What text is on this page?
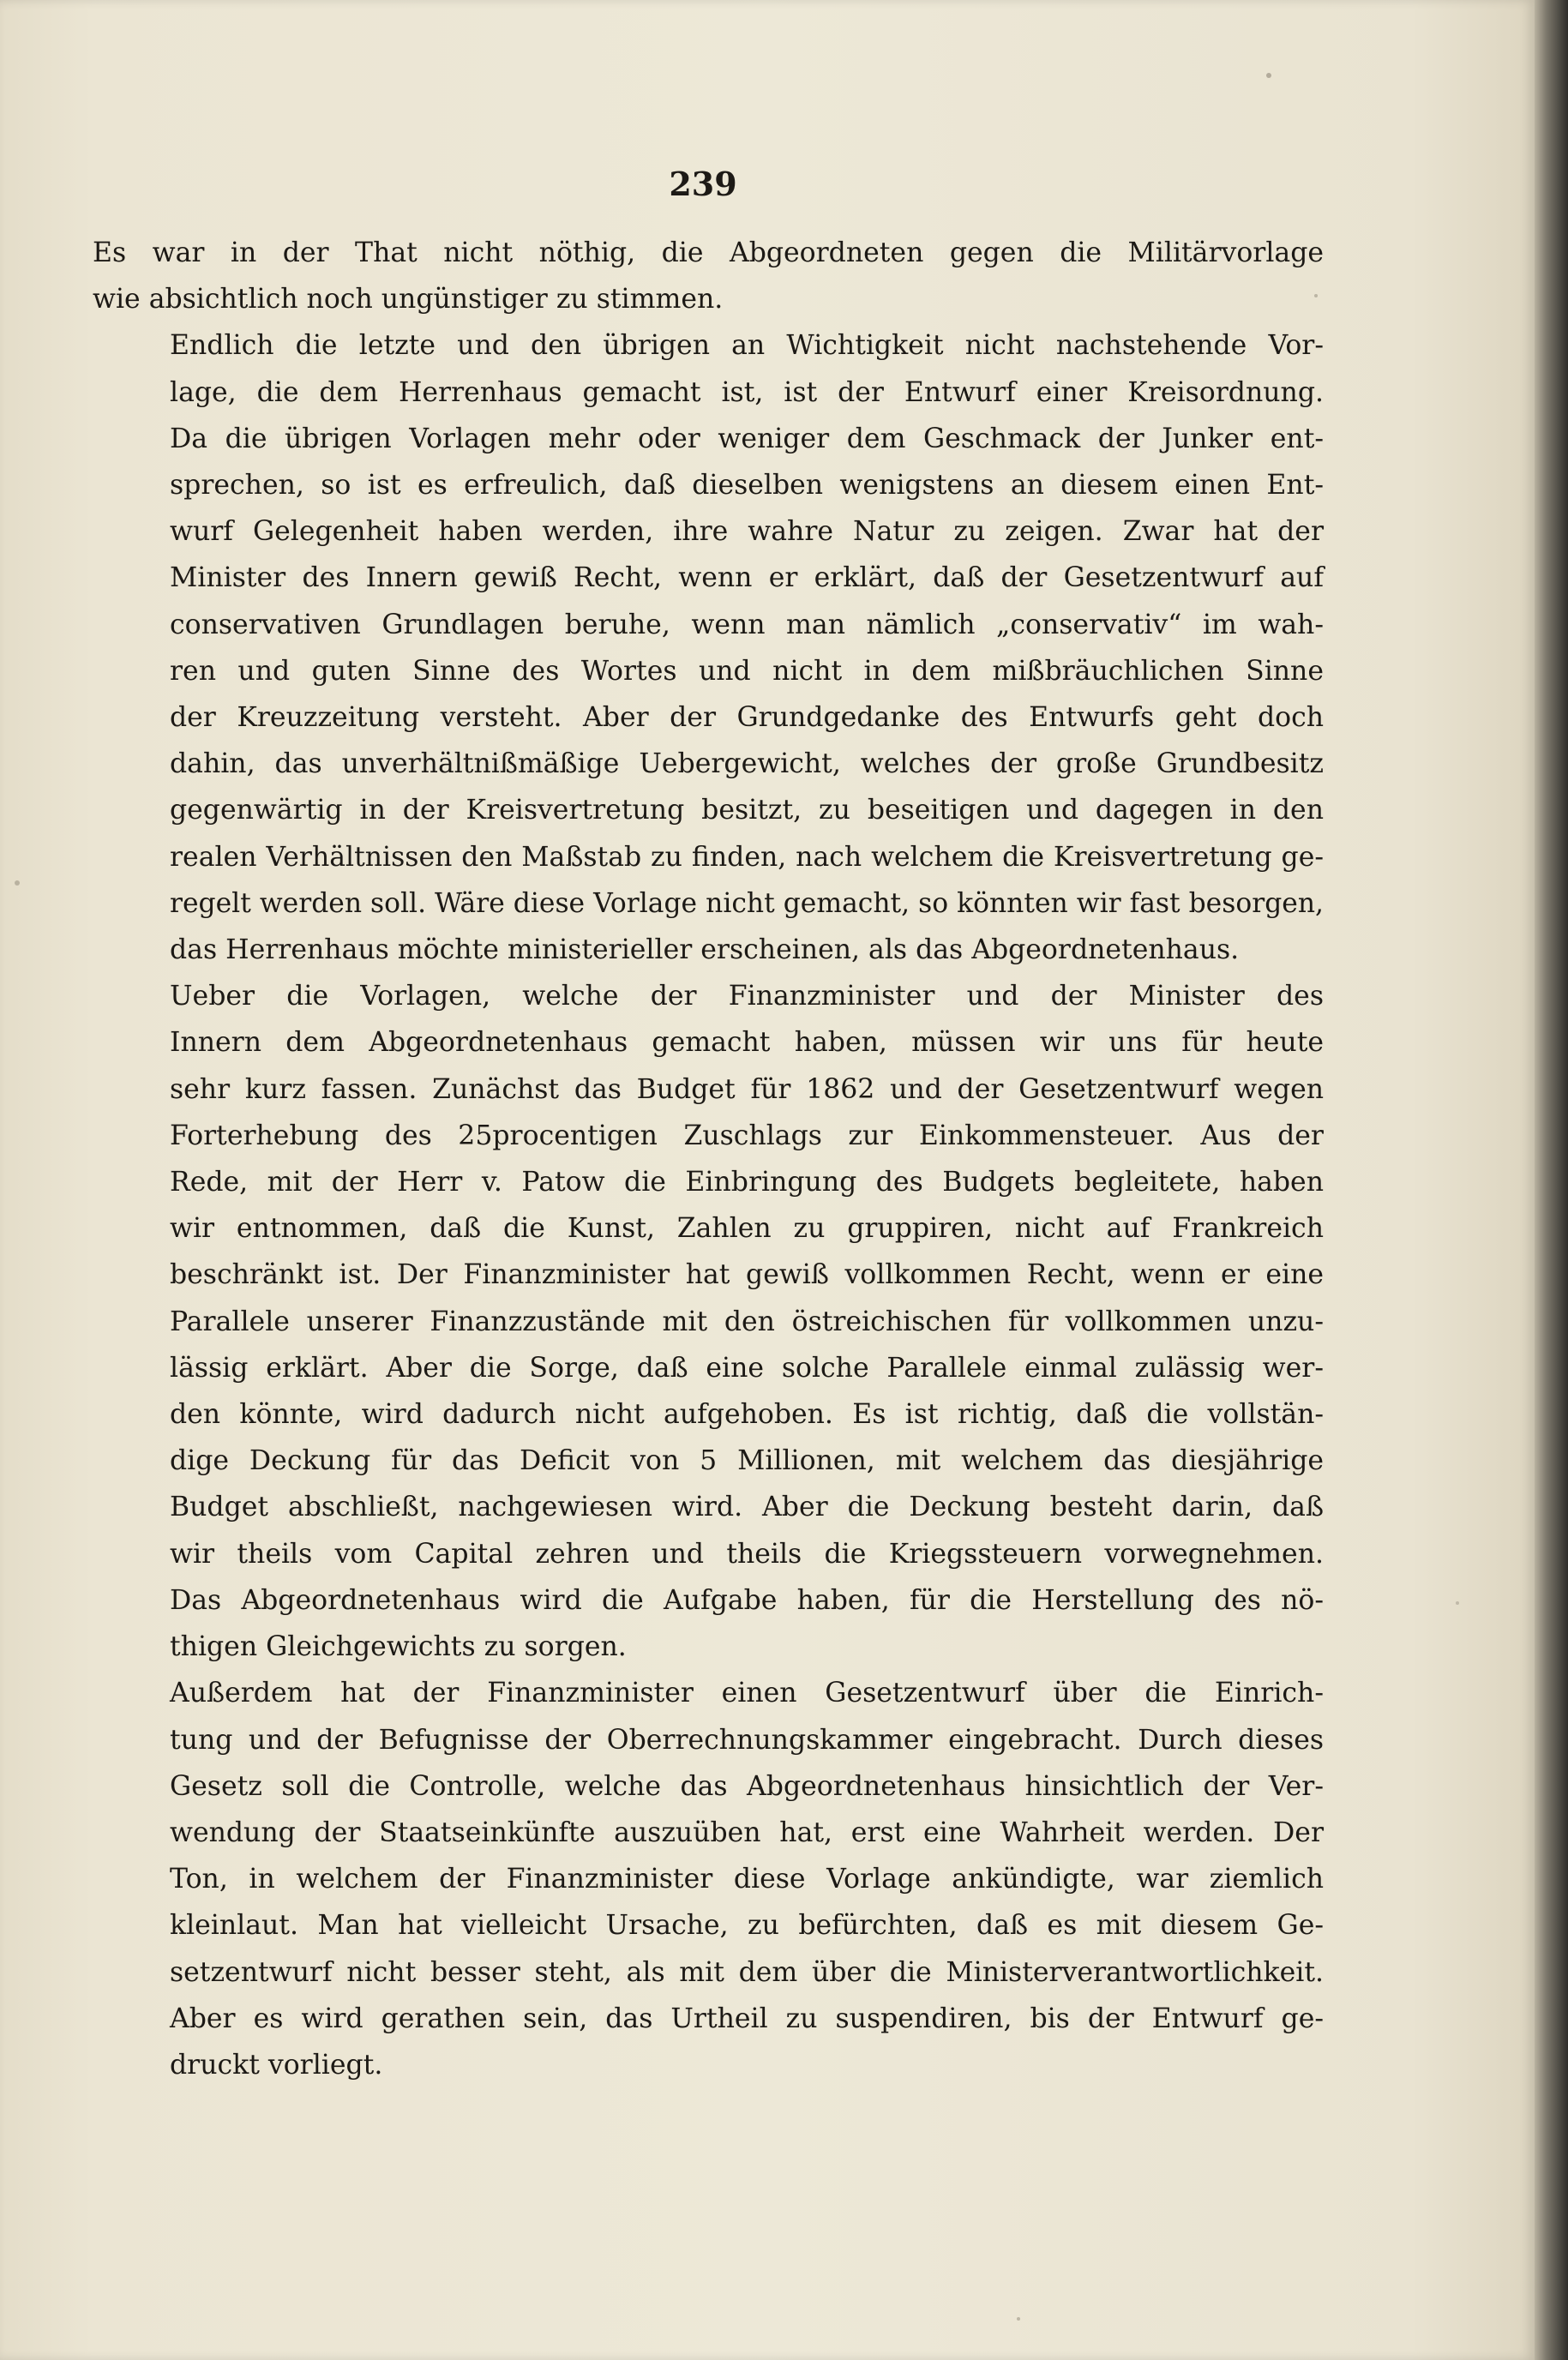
239

Es war in der That nicht nöthig, die Abgeordneten gegen die Militärvorlage
wie absichtlich noch ungünstiger zu stimmen.

Endlich die letzte und den übrigen an Wichtigkeit nicht nachstehende Vor-
lage, die dem Herrenhaus gemacht ist, ist der Entwurf einer Kreisordnung.
Da die übrigen Vorlagen mehr oder weniger dem Geschmack der Junker ent-
sprechen, so ist es erfreulich, daß dieselben wenigstens an diesem einen Ent-
wurf Gelegenheit haben werden, ihre wahre Natur zu zeigen. Zwar hat der
Minister des Innern gewiß Recht, wenn er erklärt, daß der Gesetzentwurf auf
conservativen Grundlagen beruhe, wenn man nämlich „conservativ“ im wah-
ren und guten Sinne des Wortes und nicht in dem mißbräuchlichen Sinne
der Kreuzzeitung versteht. Aber der Grundgedanke des Entwurfs geht doch
dahin, das unverhältnißmäßige Uebergewicht, welches der große Grundbesitz
gegenwärtig in der Kreisvertretung besitzt, zu beseitigen und dagegen in den
realen Verhältnissen den Maßstab zu finden, nach welchem die Kreisvertretung ge-
regelt werden soll. Wäre diese Vorlage nicht gemacht, so könnten wir fast besorgen,
das Herrenhaus möchte ministerieller erscheinen, als das Abgeordnetenhaus.

Ueber die Vorlagen, welche der Finanzminister und der Minister des
Innern dem Abgeordnetenhaus gemacht haben, müssen wir uns für heute
sehr kurz fassen. Zunächst das Budget für 1862 und der Gesetzentwurf wegen
Forterhebung des 25procentigen Zuschlags zur Einkommensteuer. Aus der
Rede, mit der Herr v. Patow die Einbringung des Budgets begleitete, haben
wir entnommen, daß die Kunst, Zahlen zu gruppiren, nicht auf Frankreich
beschränkt ist. Der Finanzminister hat gewiß vollkommen Recht, wenn er eine
Parallele unserer Finanzzustände mit den östreichischen für vollkommen unzu-
lässig erklärt. Aber die Sorge, daß eine solche Parallele einmal zulässig wer-
den könnte, wird dadurch nicht aufgehoben. Es ist richtig, daß die vollstän-
dige Deckung für das Deficit von 5 Millionen, mit welchem das diesjährige
Budget abschließt, nachgewiesen wird. Aber die Deckung besteht darin, daß
wir theils vom Capital zehren und theils die Kriegssteuern vorwegnehmen.
Das Abgeordnetenhaus wird die Aufgabe haben, für die Herstellung des nö-
thigen Gleichgewichts zu sorgen.

Außerdem hat der Finanzminister einen Gesetzentwurf über die Einrich-
tung und der Befugnisse der Oberrechnungskammer eingebracht. Durch dieses
Gesetz soll die Controlle, welche das Abgeordnetenhaus hinsichtlich der Ver-
wendung der Staatseinkünfte auszuüben hat, erst eine Wahrheit werden. Der
Ton, in welchem der Finanzminister diese Vorlage ankündigte, war ziemlich
kleinlaut. Man hat vielleicht Ursache, zu befürchten, daß es mit diesem Ge-
setzentwurf nicht besser steht, als mit dem über die Ministerverantwortlichkeit.
Aber es wird gerathen sein, das Urtheil zu suspendiren, bis der Entwurf ge-
druckt vorliegt.
